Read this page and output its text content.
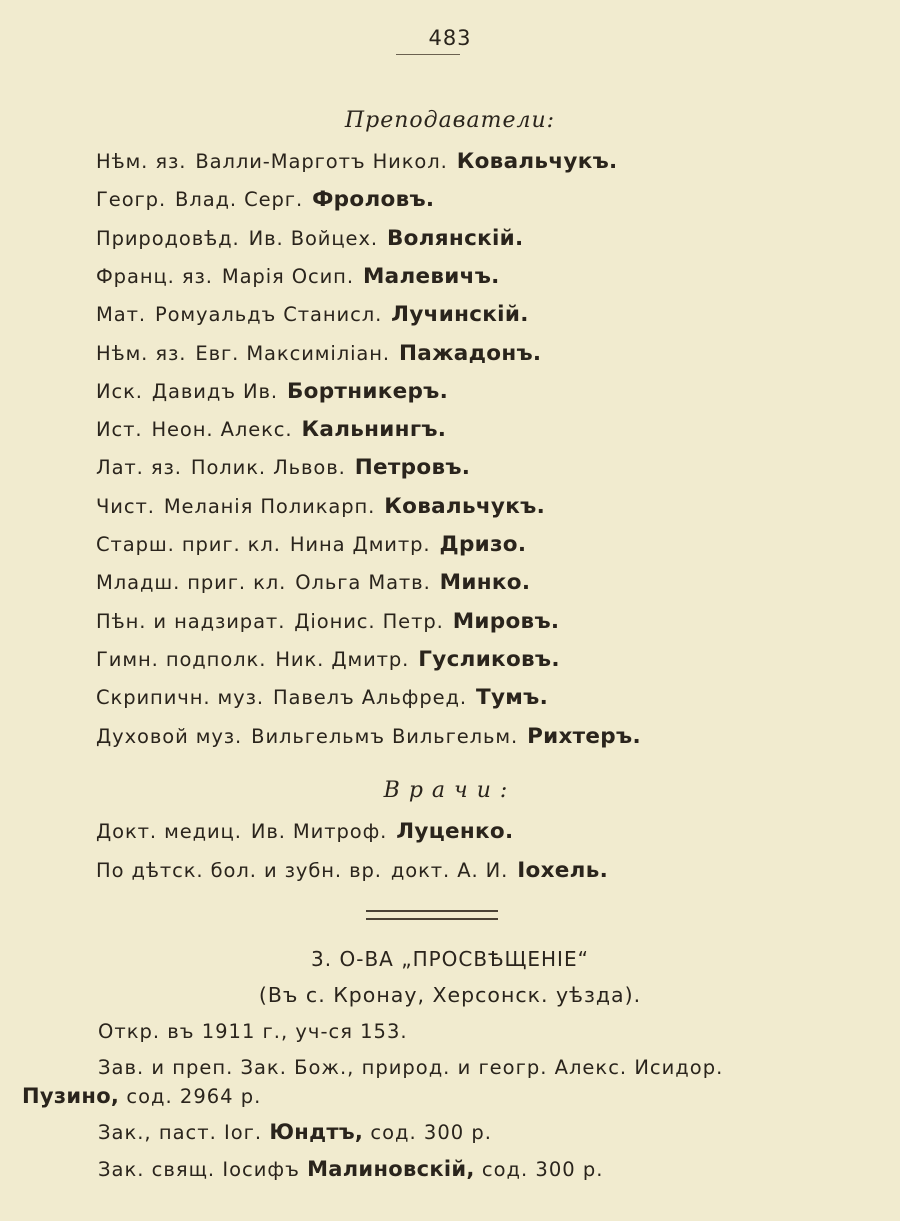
483
Преподаватели:
Нѣм. яз. Валли-Марготъ Никол. Ковальчукъ.
Геогр. Влад. Серг. Фроловъ.
Природовѣд. Ив. Войцех. Волянскій.
Франц. яз. Марія Осип. Малевичъ.
Мат. Ромуальдъ Станисл. Лучинскій.
Нѣм. яз. Евг. Максиміліан. Пажадонъ.
Иск. Давидъ Ив. Бортникеръ.
Ист. Неон. Алекс. Кальнингъ.
Лат. яз. Полик. Львов. Петровъ.
Чист. Меланія Поликарп. Ковальчукъ.
Старш. приг. кл. Нина Дмитр. Дризо.
Младш. приг. кл. Ольга Матв. Минко.
Пѣн. и надзират. Діонис. Петр. Мировъ.
Гимн. подполк. Ник. Дмитр. Гусликовъ.
Скрипичн. муз. Павелъ Альфред. Тумъ.
Духовой муз. Вильгельмъ Вильгельм. Рихтеръ.
Врачи:
Докт. медиц. Ив. Митроф. Луценко.
По дѣтск. бол. и зубн. вр. докт. А. И. Іохель.
3. О-ВА „ПРОСВѢЩЕНІЕ“
(Въ с. Кронау, Херсонск. уѣзда).
Откр. въ 1911 г., уч-ся 153.
Зав. и преп. Зак. Бож., природ. и геогр. Алекс. Исидор.
Пузино, сод. 2964 р.
Зак., паст. Іог. Юндтъ, сод. 300 р.
Зак. свящ. Іосифъ Малиновскій, сод. 300 р.
